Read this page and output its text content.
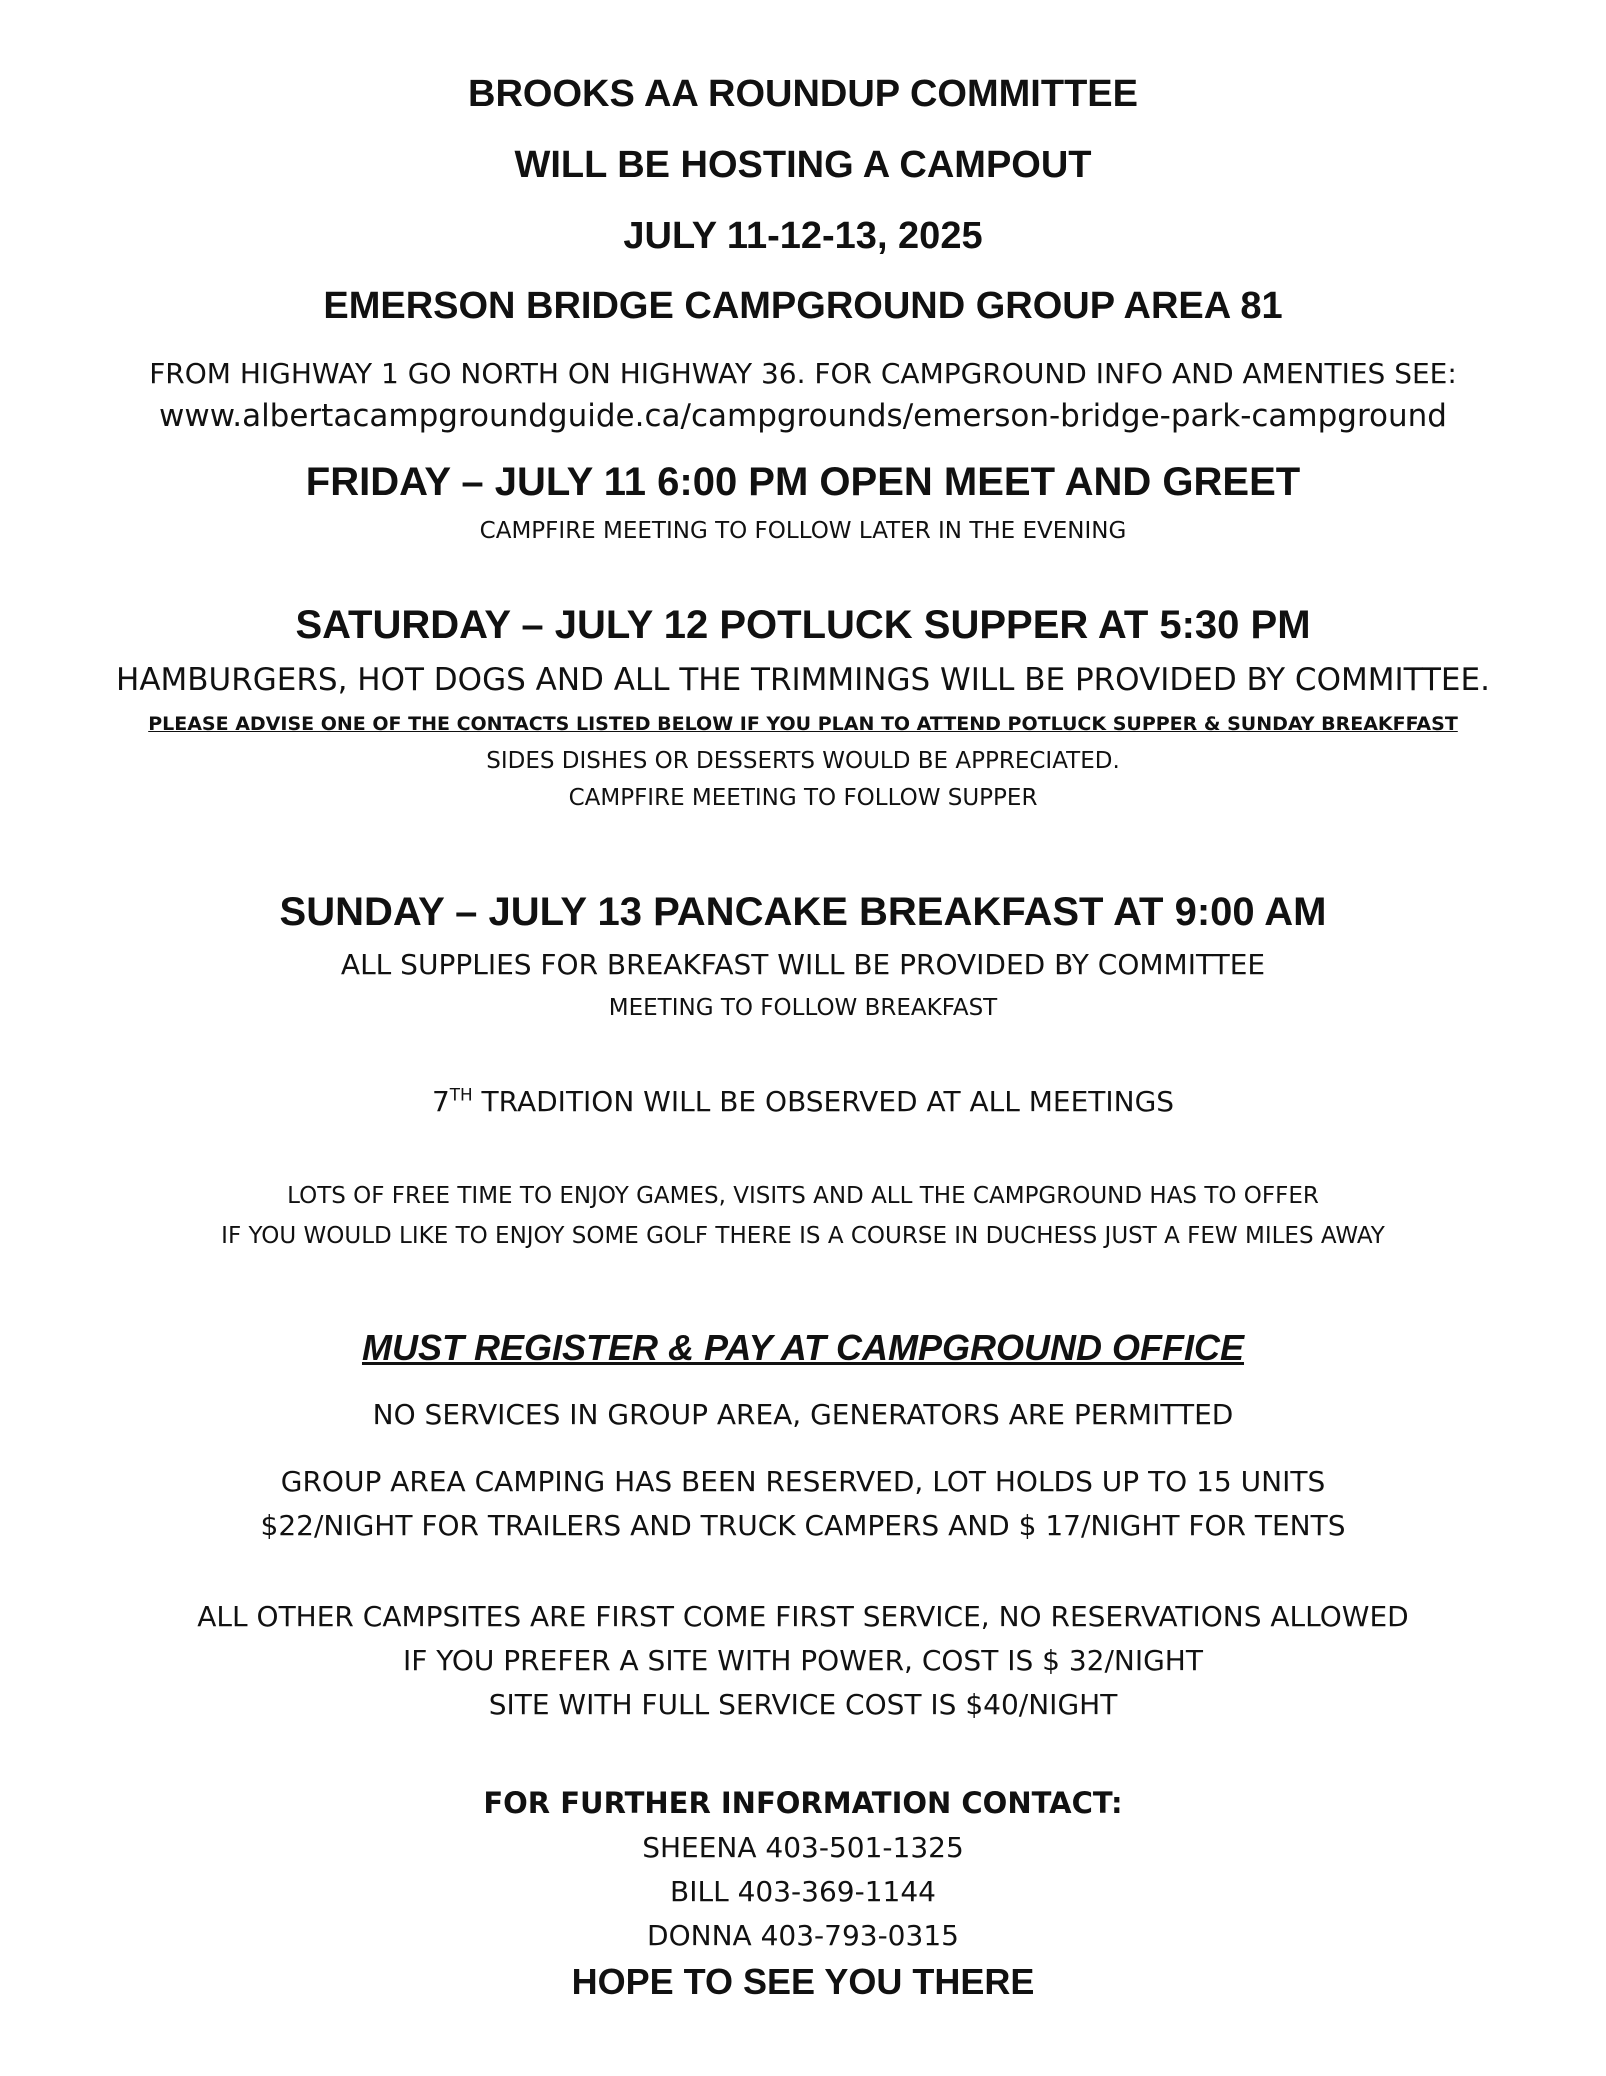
BROOKS AA ROUNDUP COMMITTEE

WILL BE HOSTING A CAMPOUT

JULY 11-12-13, 2025

EMERSON BRIDGE CAMPGROUND GROUP AREA 81

FROM HIGHWAY 1 GO NORTH ON HIGHWAY 36. FOR CAMPGROUND INFO AND AMENTIES SEE:

www.albertacampgroundguide.ca/campgrounds/emerson-bridge-park-campground

FRIDAY – JULY 11 6:00 PM OPEN MEET AND GREET

CAMPFIRE MEETING TO FOLLOW LATER IN THE EVENING

SATURDAY – JULY 12 POTLUCK SUPPER AT 5:30 PM

HAMBURGERS, HOT DOGS AND ALL THE TRIMMINGS WILL BE PROVIDED BY COMMITTEE.

PLEASE ADVISE ONE OF THE CONTACTS LISTED BELOW IF YOU PLAN TO ATTEND POTLUCK SUPPER & SUNDAY BREAKFFAST

SIDES DISHES OR DESSERTS WOULD BE APPRECIATED.

CAMPFIRE MEETING TO FOLLOW SUPPER

SUNDAY – JULY 13 PANCAKE BREAKFAST AT 9:00 AM

ALL SUPPLIES FOR BREAKFAST WILL BE PROVIDED BY COMMITTEE

MEETING TO FOLLOW BREAKFAST

7TH TRADITION WILL BE OBSERVED AT ALL MEETINGS

LOTS OF FREE TIME TO ENJOY GAMES, VISITS AND ALL THE CAMPGROUND HAS TO OFFER

IF YOU WOULD LIKE TO ENJOY SOME GOLF THERE IS A COURSE IN DUCHESS JUST A FEW MILES AWAY

MUST REGISTER & PAY AT CAMPGROUND OFFICE

NO SERVICES IN GROUP AREA, GENERATORS ARE PERMITTED

GROUP AREA CAMPING HAS BEEN RESERVED, LOT HOLDS UP TO 15 UNITS

$22/NIGHT FOR TRAILERS AND TRUCK CAMPERS AND $ 17/NIGHT FOR TENTS

ALL OTHER CAMPSITES ARE FIRST COME FIRST SERVICE, NO RESERVATIONS ALLOWED

IF YOU PREFER A SITE WITH POWER, COST IS $ 32/NIGHT

SITE WITH FULL SERVICE COST IS $40/NIGHT

FOR FURTHER INFORMATION CONTACT:

SHEENA 403-501-1325

BILL 403-369-1144

DONNA 403-793-0315

HOPE TO SEE YOU THERE
